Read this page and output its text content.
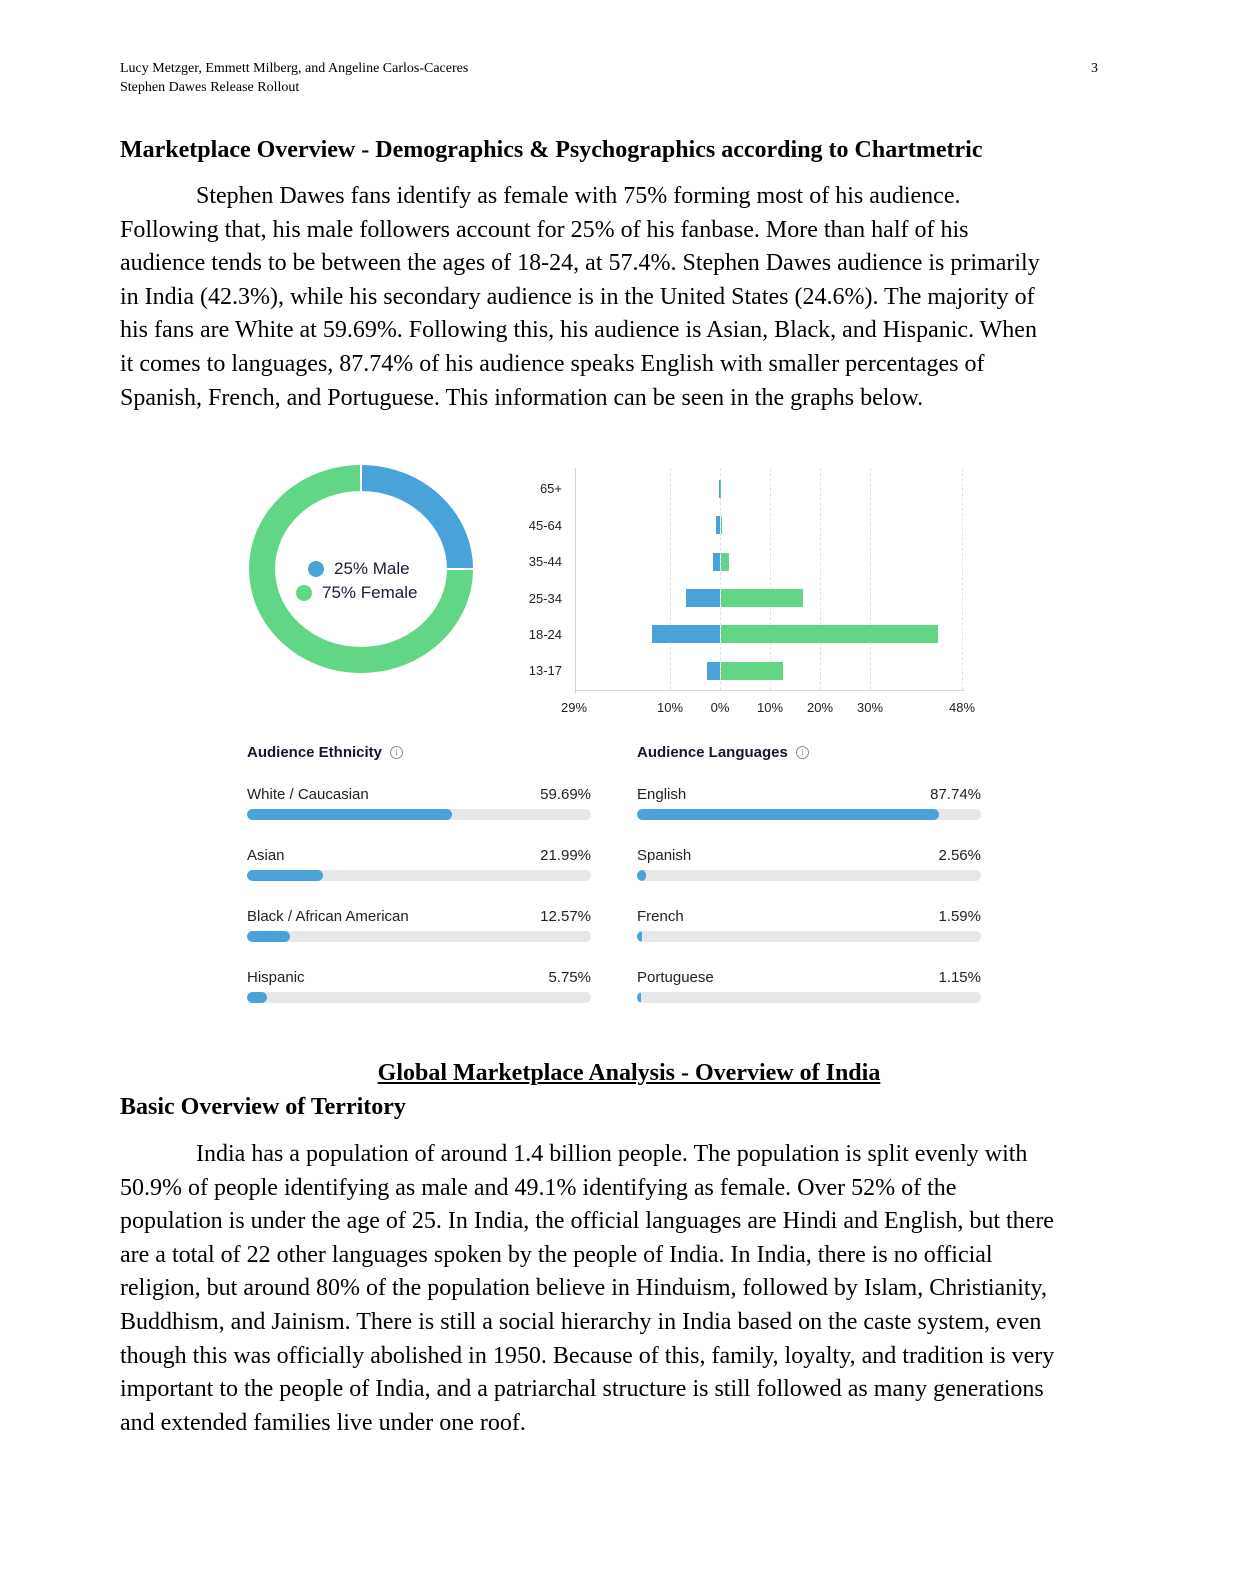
Lucy Metzger, Emmett Milberg, and Angeline Carlos-Caceres
Stephen Dawes Release Rollout
3
Marketplace Overview - Demographics & Psychographics according to Chartmetric
Stephen Dawes fans identify as female with 75% forming most of his audience.
Following that, his male followers account for 25% of his fanbase. More than half of his
audience tends to be between the ages of 18-24, at 57.4%. Stephen Dawes audience is primarily
in India (42.3%), while his secondary audience is in the United States (24.6%). The majority of
his fans are White at 59.69%. Following this, his audience is Asian, Black, and Hispanic. When
it comes to languages, 87.74% of his audience speaks English with smaller percentages of
Spanish, French, and Portuguese. This information can be seen in the graphs below.
25% Male
75% Female
65+
45-64
35-44
25-34
18-24
13-17
29%	10% 0% 10% 20% 30%	48%
Audience Ethnicity	i
White / Caucasian	59.69%
Asian	21.99%
Black / African American	12.57%
Hispanic	5.75%
Audience Languages	i
English	87.74%
Spanish	2.56%
French	1.59%
Portuguese	1.15%
Global Marketplace Analysis - Overview of India
Basic Overview of Territory
India has a population of around 1.4 billion people. The population is split evenly with
50.9% of people identifying as male and 49.1% identifying as female. Over 52% of the
population is under the age of 25. In India, the official languages are Hindi and English, but there
are a total of 22 other languages spoken by the people of India. In India, there is no official
religion, but around 80% of the population believe in Hinduism, followed by Islam, Christianity,
Buddhism, and Jainism. There is still a social hierarchy in India based on the caste system, even
though this was officially abolished in 1950. Because of this, family, loyalty, and tradition is very
important to the people of India, and a patriarchal structure is still followed as many generations
and extended families live under one roof.
